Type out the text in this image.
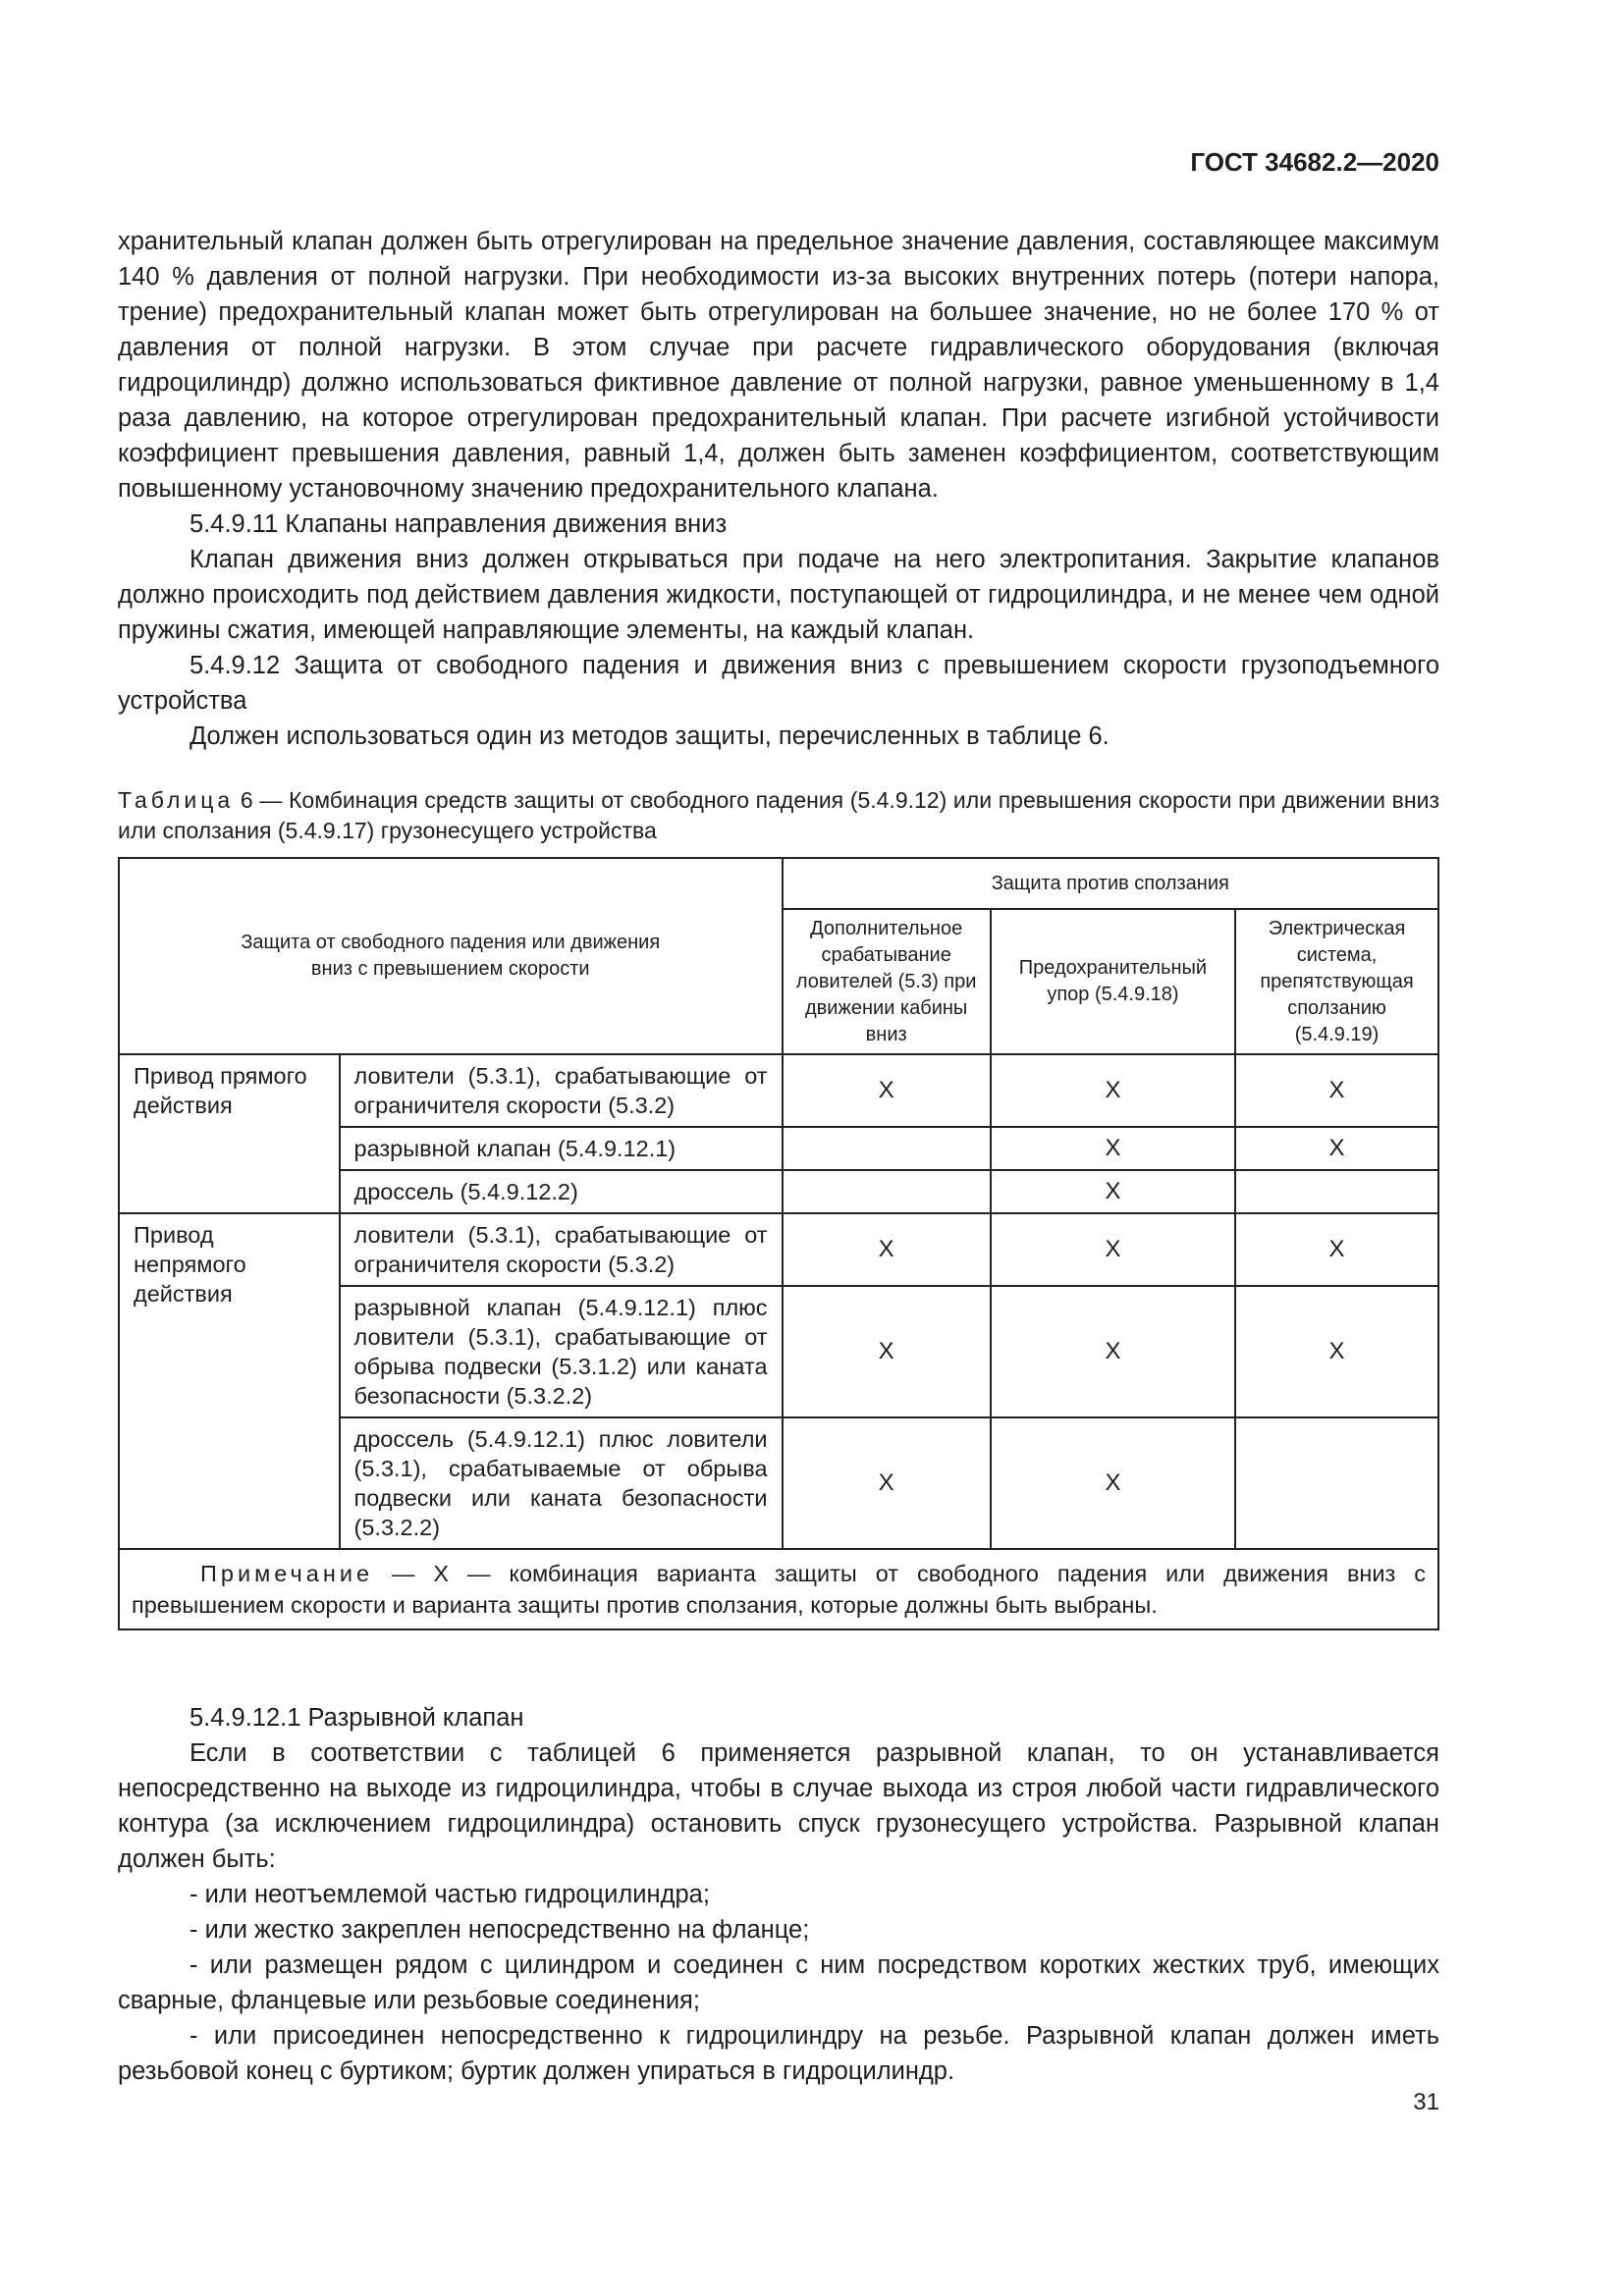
ГОСТ 34682.2—2020

хранительный клапан должен быть отрегулирован на предельное значение давления, составляющее максимум 140 % давления от полной нагрузки. При необходимости из-за высоких внутренних потерь (потери напора, трение) предохранительный клапан может быть отрегулирован на большее значение, но не более 170 % от давления от полной нагрузки. В этом случае при расчете гидравлического оборудования (включая гидроцилиндр) должно использоваться фиктивное давление от полной нагрузки, равное уменьшенному в 1,4 раза давлению, на которое отрегулирован предохранительный клапан. При расчете изгибной устойчивости коэффициент превышения давления, равный 1,4, должен быть заменен коэффициентом, соответствующим повышенному установочному значению предохранительного клапана.

5.4.9.11 Клапаны направления движения вниз

Клапан движения вниз должен открываться при подаче на него электропитания. Закрытие клапанов должно происходить под действием давления жидкости, поступающей от гидроцилиндра, и не менее чем одной пружины сжатия, имеющей направляющие элементы, на каждый клапан.

5.4.9.12 Защита от свободного падения и движения вниз с превышением скорости грузоподъемного устройства

Должен использоваться один из методов защиты, перечисленных в таблице 6.

Таблица 6 — Комбинация средств защиты от свободного падения (5.4.9.12) или превышения скорости при движении вниз или сползания (5.4.9.17) грузонесущего устройства
Защита от свободного падения или движения вниз с превышением скорости		Защита против сползания		
		Дополнительное срабатывание ловителей (5.3) при движении кабины вниз	Предохранительный упор (5.4.9.18)	Электрическая система, препятствующая сползанию (5.4.9.19)
Привод прямого действия	ловители (5.3.1), срабатывающие от ограничителя скорости (5.3.2)	X	X	X
	разрывной клапан (5.4.9.12.1)		X	X
	дроссель (5.4.9.12.2)		X	
Привод непрямого действия	ловители (5.3.1), срабатывающие от ограничителя скорости (5.3.2)	X	X	X
	разрывной клапан (5.4.9.12.1) плюс ловители (5.3.1), срабатывающие от обрыва подвески (5.3.1.2) или каната безопасности (5.3.2.2)	X	X	X
	дроссель (5.4.9.12.1) плюс ловители (5.3.1), срабатываемые от обрыва подвески или каната безопасности (5.3.2.2)	X	X	
Примечание — X — комбинация варианта защиты от свободного падения или движения вниз с превышением скорости и варианта защиты против сползания, которые должны быть выбраны.				

5.4.9.12.1 Разрывной клапан

Если в соответствии с таблицей 6 применяется разрывной клапан, то он устанавливается непосредственно на выходе из гидроцилиндра, чтобы в случае выхода из строя любой части гидравлического контура (за исключением гидроцилиндра) остановить спуск грузонесущего устройства. Разрывной клапан должен быть:

- или неотъемлемой частью гидроцилиндра;

- или жестко закреплен непосредственно на фланце;

- или размещен рядом с цилиндром и соединен с ним посредством коротких жестких труб, имеющих сварные, фланцевые или резьбовые соединения;

- или присоединен непосредственно к гидроцилиндру на резьбе. Разрывной клапан должен иметь резьбовой конец с буртиком; буртик должен упираться в гидроцилиндр.

31
